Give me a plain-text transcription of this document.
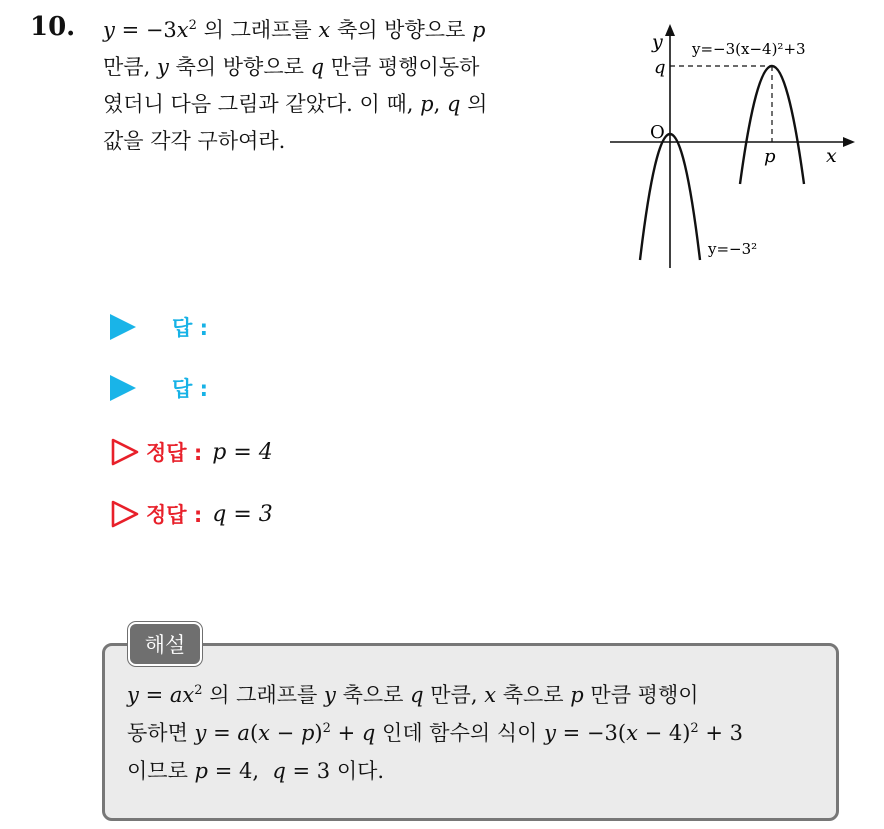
10. $y = -3x^2$ 의 그래프를 x 축의 방향으로 p
만큼, y 축의 방향으로 q 만큼 평행이동하
였더니 다음 그림과 같았다. 이 때, p, q 의
값을 각각 구하여라.

y
q
O
p	x
y=−3(x−4)²+3
y=−3²
답 :
답 :
정답 : p = 4
정답 : q = 3
해설

$y = ax^2$ 의 그래프를 y 축으로 q 만큼, x 축으로 p 만큼 평행이
동하면 $y = a(x - p)^2 + q$ 인데 함수의 식이 $y = -3(x - 4)^2 + 3$
이므로 p = 4, q = 3 이다.
